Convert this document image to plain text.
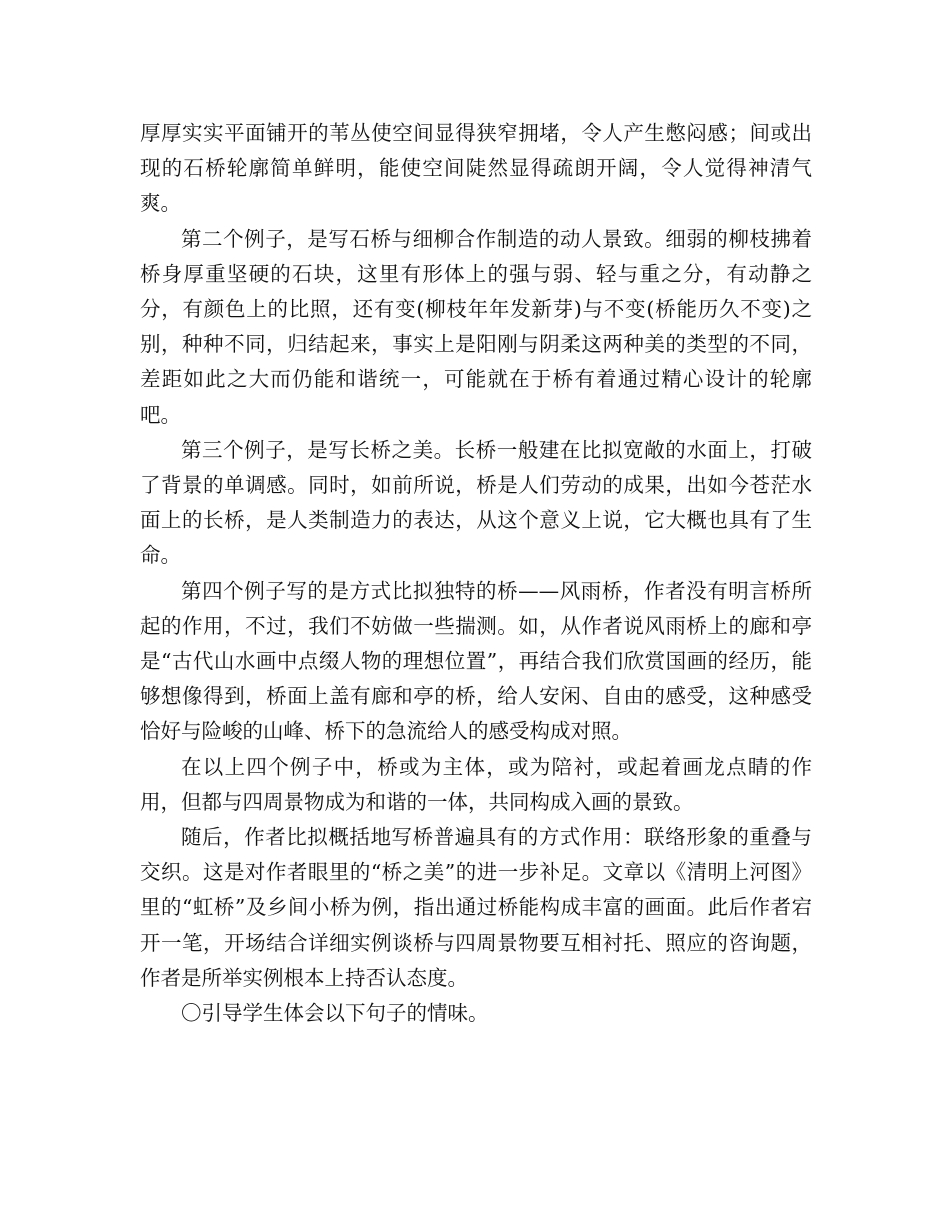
厚厚实实平面铺开的苇丛使空间显得狭窄拥堵，令人产生憋闷感；间或出现的石桥轮廓简单鲜明，能使空间陡然显得疏朗开阔，令人觉得神清气爽。

第二个例子，是写石桥与细柳合作制造的动人景致。细弱的柳枝拂着桥身厚重坚硬的石块，这里有形体上的强与弱、轻与重之分，有动静之分，有颜色上的比照，还有变(柳枝年年发新芽)与不变(桥能历久不变)之别，种种不同，归结起来，事实上是阳刚与阴柔这两种美的类型的不同，差距如此之大而仍能和谐统一，可能就在于桥有着通过精心设计的轮廓吧。

第三个例子，是写长桥之美。长桥一般建在比拟宽敞的水面上，打破了背景的单调感。同时，如前所说，桥是人们劳动的成果，出如今苍茫水面上的长桥，是人类制造力的表达，从这个意义上说，它大概也具有了生命。

第四个例子写的是方式比拟独特的桥——风雨桥，作者没有明言桥所起的作用，不过，我们不妨做一些揣测。如，从作者说风雨桥上的廊和亭是“古代山水画中点缀人物的理想位置”，再结合我们欣赏国画的经历，能够想像得到，桥面上盖有廊和亭的桥，给人安闲、自由的感受，这种感受恰好与险峻的山峰、桥下的急流给人的感受构成对照。

在以上四个例子中，桥或为主体，或为陪衬，或起着画龙点睛的作用，但都与四周景物成为和谐的一体，共同构成入画的景致。

随后，作者比拟概括地写桥普遍具有的方式作用：联络形象的重叠与交织。这是对作者眼里的“桥之美”的进一步补足。文章以《清明上河图》里的“虹桥”及乡间小桥为例，指出通过桥能构成丰富的画面。此后作者宕开一笔，开场结合详细实例谈桥与四周景物要互相衬托、照应的咨询题，作者是所举实例根本上持否认态度。

〇引导学生体会以下句子的情味。
